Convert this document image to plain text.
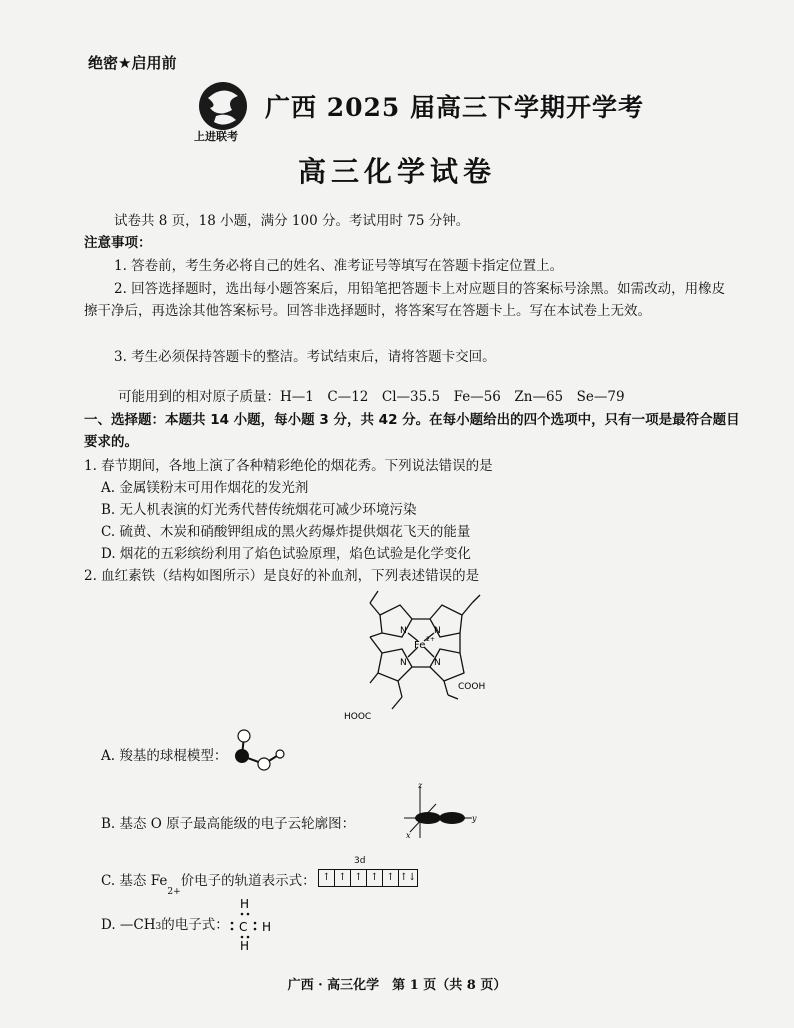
绝密★启用前
上进联考
广西 2025 届高三下学期开学考
高三化学试卷
试卷共 8 页，18 小题，满分 100 分。考试用时 75 分钟。
注意事项：
1. 答卷前，考生务必将自己的姓名、准考证号等填写在答题卡指定位置上。
2. 回答选择题时，选出每小题答案后，用铅笔把答题卡上对应题目的答案标号涂黑。如需改动，用橡皮擦干净后，再选涂其他答案标号。回答非选择题时，将答案写在答题卡上。写在本试卷上无效。
3. 考生必须保持答题卡的整洁。考试结束后，请将答题卡交回。
可能用到的相对原子质量：H—1　C—12　Cl—35.5　Fe—56　Zn—65　Se—79
一、选择题：本题共 14 小题，每小题 3 分，共 42 分。在每小题给出的四个选项中，只有一项是最符合题目要求的。
1. 春节期间，各地上演了各种精彩绝伦的烟花秀。下列说法错误的是
A. 金属镁粉末可用作烟花的发光剂
B. 无人机表演的灯光秀代替传统烟花可减少环境污染
C. 硫黄、木炭和硝酸钾组成的黑火药爆炸提供烟花飞天的能量
D. 烟花的五彩缤纷利用了焰色试验原理，焰色试验是化学变化
2. 血红素铁（结构如图所示）是良好的补血剂，下列表述错误的是
N	N
Fe
2+
N	N
COOH
HOOC
A. 羧基的球棍模型：
B. 基态 O 原子最高能级的电子云轮廓图：
z
y
x
C. 基态 Fe
2+
价电子的轨道表示式：
3d
↑ ↑ ↑ ↑ ↑ ↑↓
D. —CH 3 的电子式：
H
C H
H
广西 · 高三化学　第 1 页（共 8 页）
